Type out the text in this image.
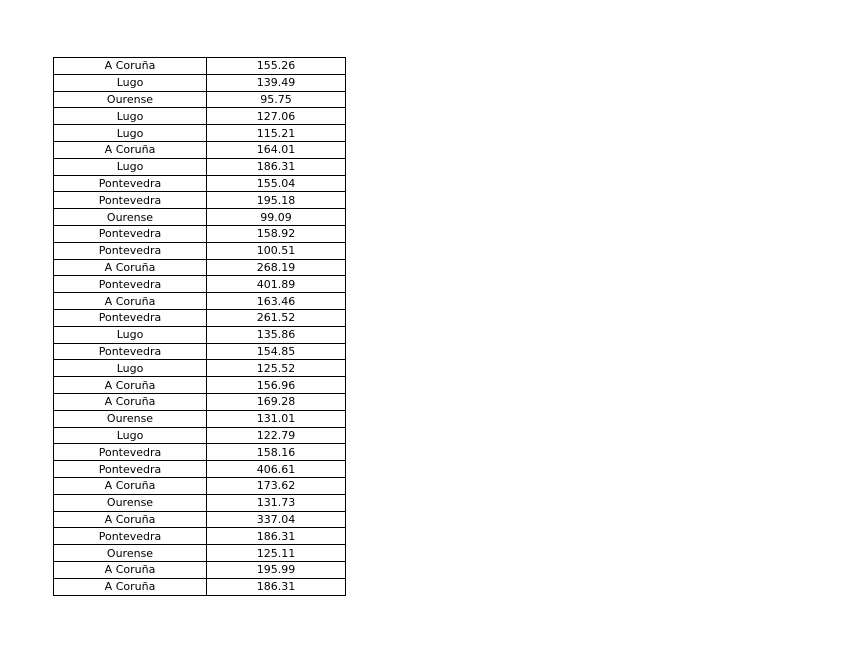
A Coruña	155.26
Lugo	139.49
Ourense	95.75
Lugo	127.06
Lugo	115.21
A Coruña	164.01
Lugo	186.31
Pontevedra	155.04
Pontevedra	195.18
Ourense	99.09
Pontevedra	158.92
Pontevedra	100.51
A Coruña	268.19
Pontevedra	401.89
A Coruña	163.46
Pontevedra	261.52
Lugo	135.86
Pontevedra	154.85
Lugo	125.52
A Coruña	156.96
A Coruña	169.28
Ourense	131.01
Lugo	122.79
Pontevedra	158.16
Pontevedra	406.61
A Coruña	173.62
Ourense	131.73
A Coruña	337.04
Pontevedra	186.31
Ourense	125.11
A Coruña	195.99
A Coruña	186.31
